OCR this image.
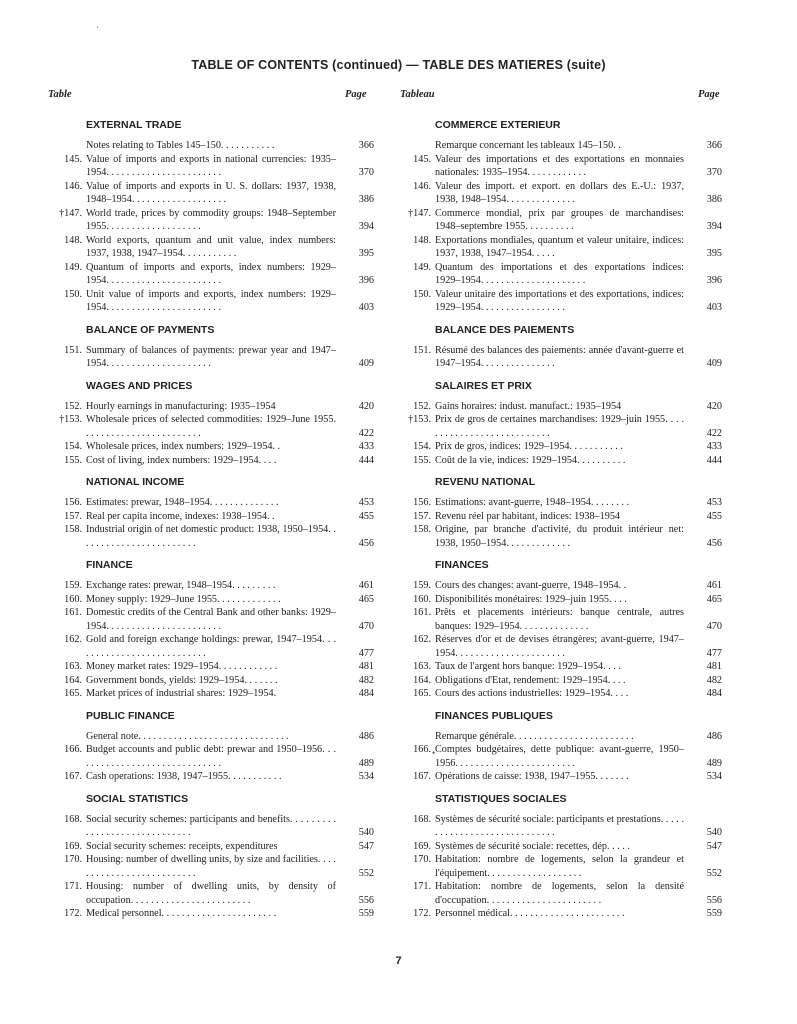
TABLE OF CONTENTS (continued) — TABLE DES MATIERES (suite)
Table	Page	Tableau	Page
EXTERNAL TRADE
Notes relating to Tables 145–150. . . . . . . . . . .	366
145. Value of imports and exports in national currencies: 1935–1954. . . . . . . . . . . . . . . . . . . . . . .	370
146. Value of imports and exports in U. S. dollars: 1937, 1938, 1948–1954. . . . . . . . . . . . . . . . . . .	386
†147. World trade, prices by commodity groups: 1948–September 1955. . . . . . . . . . . . . . . . . . .	394
148. World exports, quantum and unit value, index numbers: 1937, 1938, 1947–1954. . . . . . . . . . .	395
149. Quantum of imports and exports, index numbers: 1929–1954. . . . . . . . . . . . . . . . . . . . . . .	396
150. Unit value of imports and exports, index numbers: 1929–1954. . . . . . . . . . . . . . . . . . . . . . .	403
BALANCE OF PAYMENTS
151. Summary of balances of payments: prewar year and 1947–1954. . . . . . . . . . . . . . . . . . . . .	409
WAGES AND PRICES
152. Hourly earnings in manufacturing: 1935–1954	420
†153. Wholesale prices of selected commodities: 1929–June 1955. . . . . . . . . . . . . . . . . . . . . . . .	422
154. Wholesale prices, index numbers: 1929–1954. .	433
155. Cost of living, index numbers: 1929–1954. . . .	444
NATIONAL INCOME
156. Estimates: prewar, 1948–1954. . . . . . . . . . . . . .	453
157. Real per capita income, indexes: 1938–1954. .	455
158. Industrial origin of net domestic product: 1938, 1950–1954. . . . . . . . . . . . . . . . . . . . . . . .	456
FINANCE
159. Exchange rates: prewar, 1948–1954. . . . . . . . .	461
160. Money supply: 1929–June 1955. . . . . . . . . . . . .	465
161. Domestic credits of the Central Bank and other banks: 1929–1954. . . . . . . . . . . . . . . . . . . . . . .	470
162. Gold and foreign exchange holdings: prewar, 1947–1954. . . . . . . . . . . . . . . . . . . . . . . . . . .	477
163. Money market rates: 1929–1954. . . . . . . . . . . .	481
164. Government bonds, yields: 1929–1954. . . . . . .	482
165. Market prices of industrial shares: 1929–1954.	484
PUBLIC FINANCE
General note. . . . . . . . . . . . . . . . . . . . . . . . . . . . . .	486
166. Budget accounts and public debt: prewar and 1950–1956. . . . . . . . . . . . . . . . . . . . . . . . . . . . . .	489
167. Cash operations: 1938, 1947–1955. . . . . . . . . . .	534
SOCIAL STATISTICS
168. Social security schemes: participants and benefits. . . . . . . . . . . . . . . . . . . . . . . . . . . . . .	540
169. Social security schemes: receipts, expenditures	547
170. Housing: number of dwelling units, by size and facilities. . . . . . . . . . . . . . . . . . . . . . . . . .	552
171. Housing: number of dwelling units, by density of occupation. . . . . . . . . . . . . . . . . . . . . . . .	556
172. Medical personnel. . . . . . . . . . . . . . . . . . . . . . .	559
COMMERCE EXTERIEUR
Remarque concernant les tableaux 145–150. .	366
145. Valeur des importations et des exportations en monnaies nationales: 1935–1954. . . . . . . . . . . .	370
146. Valeur des import. et export. en dollars des E.-U.: 1937, 1938, 1948–1954. . . . . . . . . . . . . .	386
†147. Commerce mondial, prix par groupes de marchandises: 1948–septembre 1955. . . . . . . . . .	394
148. Exportations mondiales, quantum et valeur unitaire, indices: 1937, 1938, 1947–1954. . . . .	395
149. Quantum des importations et des exportations indices: 1929–1954. . . . . . . . . . . . . . . . . . . . .	396
150. Valeur unitaire des importations et des exportations, indices: 1929–1954. . . . . . . . . . . . . . . . .	403
BALANCE DES PAIEMENTS
151. Résumé des balances des paiements: année d'avant-guerre et 1947–1954. . . . . . . . . . . . . . .	409
SALAIRES ET PRIX
152. Gains horaires: indust. manufact.: 1935–1954	420
†153. Prix de gros de certaines marchandises: 1929–juin 1955. . . . . . . . . . . . . . . . . . . . . . . . . . .	422
154. Prix de gros, indices: 1929–1954. . . . . . . . . . .	433
155. Coût de la vie, indices: 1929–1954. . . . . . . . . .	444
REVENU NATIONAL
156. Estimations: avant-guerre, 1948–1954. . . . . . . .	453
157. Revenu réel par habitant, indices: 1938–1954	455
158. Origine, par branche d'activité, du produit intérieur net: 1938, 1950–1954. . . . . . . . . . . . .	456
FINANCES
159. Cours des changes: avant-guerre, 1948–1954. .	461
160. Disponibilités monétaires: 1929–juin 1955. . . .	465
161. Prêts et placements intérieurs: banque centrale, autres banques: 1929–1954. . . . . . . . . . . . . .	470
162. Réserves d'or et de devises étrangères; avant-guerre, 1947–1954. . . . . . . . . . . . . . . . . . . . . .	477
163. Taux de l'argent hors banque: 1929–1954. . . .	481
164. Obligations d'Etat, rendement: 1929–1954. . . .	482
165. Cours des actions industrielles: 1929–1954. . . .	484
FINANCES PUBLIQUES
Remarque générale. . . . . . . . . . . . . . . . . . . . . . . .	486
166. Comptes budgétaires, dette publique: avant-guerre, 1950–1956. . . . . . . . . . . . . . . . . . . . . . . .	489
167. Opérations de caisse: 1938, 1947–1955. . . . . . .	534
STATISTIQUES SOCIALES
168. Systèmes de sécurité sociale: participants et prestations. . . . . . . . . . . . . . . . . . . . . . . . . . . . .	540
169. Systèmes de sécurité sociale: recettes, dép. . . . .	547
170. Habitation: nombre de logements, selon la grandeur et l'équipement. . . . . . . . . . . . . . . . . . .	552
171. Habitation: nombre de logements, selon la densité d'occupation. . . . . . . . . . . . . . . . . . . . . . .	556
172. Personnel médical. . . . . . . . . . . . . . . . . . . . . . .	559
7
·
•
